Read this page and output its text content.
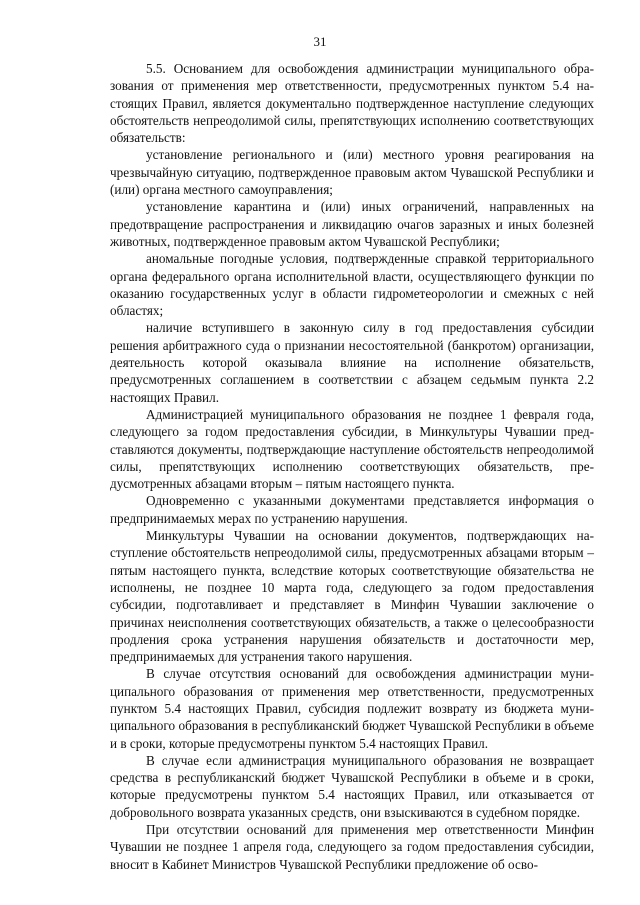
31

5.5. Основанием для освобождения администрации муниципального образования от применения мер ответственности, предусмотренных пунктом 5.4 настоящих Правил, является документально подтвержденное наступление следующих обстоятельств непреодолимой силы, препятствующих исполнению соответствующих обязательств:

установление регионального и (или) местного уровня реагирования на чрезвычайную ситуацию, подтвержденное правовым актом Чувашской Республики и (или) органа местного самоуправления;

установление карантина и (или) иных ограничений, направленных на предотвращение распространения и ликвидацию очагов заразных и иных болезней животных, подтвержденное правовым актом Чувашской Республики;

аномальные погодные условия, подтвержденные справкой территориального органа федерального органа исполнительной власти, осуществляющего функции по оказанию государственных услуг в области гидрометеорологии и смежных с ней областях;

наличие вступившего в законную силу в год предоставления субсидии решения арбитражного суда о признании несостоятельной (банкротом) организации, деятельность которой оказывала влияние на исполнение обязательств, предусмотренных соглашением в соответствии с абзацем седьмым пункта 2.2 настоящих Правил.

Администрацией муниципального образования не позднее 1 февраля года, следующего за годом предоставления субсидии, в Минкультуры Чувашии представляются документы, подтверждающие наступление обстоятельств непреодолимой силы, препятствующих исполнению соответствующих обязательств, предусмотренных абзацами вторым – пятым настоящего пункта.

Одновременно с указанными документами представляется информация о предпринимаемых мерах по устранению нарушения.

Минкультуры Чувашии на основании документов, подтверждающих наступление обстоятельств непреодолимой силы, предусмотренных абзацами вторым – пятым настоящего пункта, вследствие которых соответствующие обязательства не исполнены, не позднее 10 марта года, следующего за годом предоставления субсидии, подготавливает и представляет в Минфин Чувашии заключение о причинах неисполнения соответствующих обязательств, а также о целесообразности продления срока устранения нарушения обязательств и достаточности мер, предпринимаемых для устранения такого нарушения.

В случае отсутствия оснований для освобождения администрации муниципального образования от применения мер ответственности, предусмотренных пунктом 5.4 настоящих Правил, субсидия подлежит возврату из бюджета муниципального образования в республиканский бюджет Чувашской Республики в объеме и в сроки, которые предусмотрены пунктом 5.4 настоящих Правил.

В случае если администрация муниципального образования не возвращает средства в республиканский бюджет Чувашской Республики в объеме и в сроки, которые предусмотрены пунктом 5.4 настоящих Правил, или отказывается от добровольного возврата указанных средств, они взыскиваются в судебном порядке.

При отсутствии оснований для применения мер ответственности Минфин Чувашии не позднее 1 апреля года, следующего за годом предоставления субсидии, вносит в Кабинет Министров Чувашской Республики предложение об осво-
